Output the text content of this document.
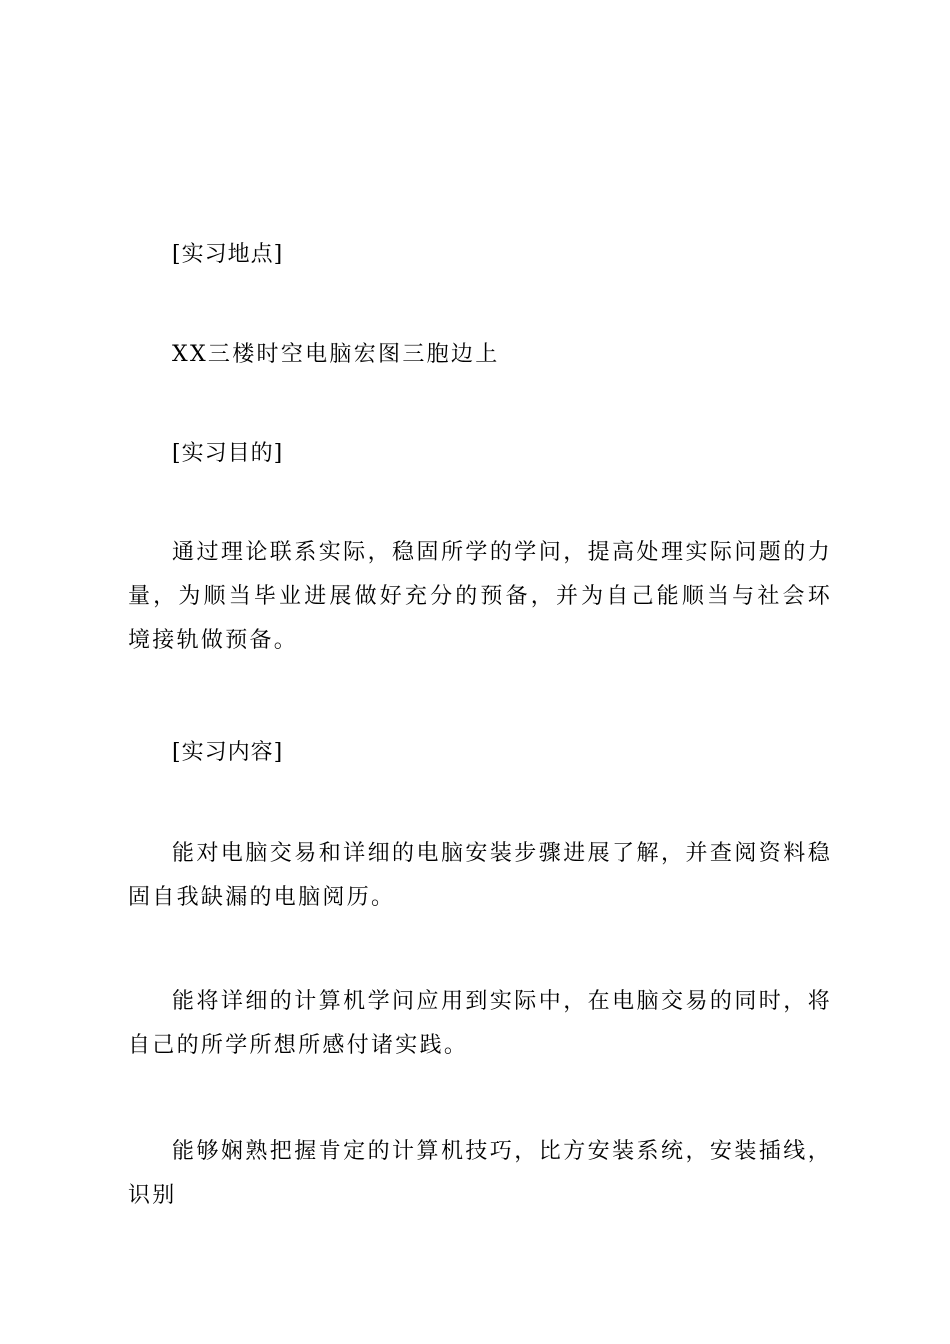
[实习地点]

XX三楼时空电脑宏图三胞边上

[实习目的]

通过理论联系实际，稳固所学的学问，提高处理实际问题的力量，为顺当毕业进展做好充分的预备，并为自己能顺当与社会环境接轨做预备。

[实习内容]

能对电脑交易和详细的电脑安装步骤进展了解，并查阅资料稳固自我缺漏的电脑阅历。

能将详细的计算机学问应用到实际中，在电脑交易的同时，将自己的所学所想所感付诸实践。

能够娴熟把握肯定的计算机技巧，比方安装系统，安装插线，识别
